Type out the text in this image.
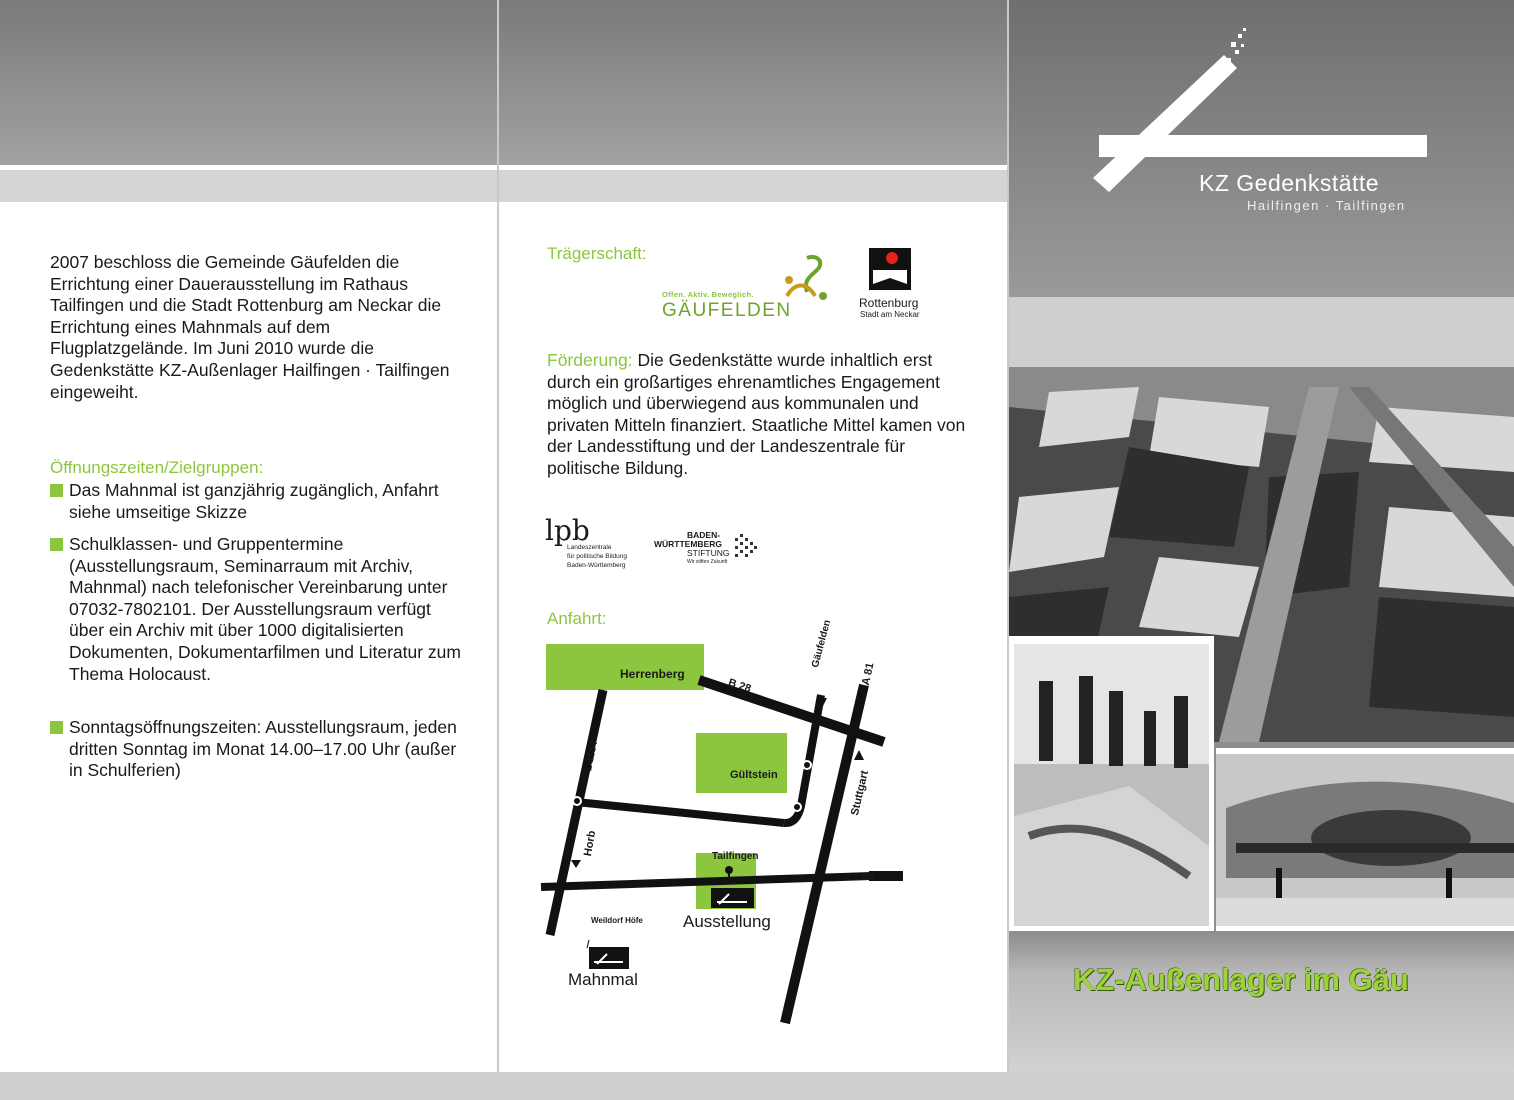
2007 beschloss die Gemeinde Gäufelden die Errichtung einer Dauerausstellung im Rathaus Tailfingen und die Stadt Rottenburg am Neckar die Errichtung eines Mahnmals auf dem Flugplatzgelände. Im Juni 2010 wurde die Gedenkstätte KZ-Außenlager Hailfingen · Tailfingen eingeweiht.
Öffnungszeiten/Zielgruppen:
Das Mahnmal ist ganzjährig zugänglich, Anfahrt siehe umseitige Skizze
Schulklassen- und Gruppentermine (Ausstellungsraum, Seminarraum mit Archiv, Mahnmal) nach telefonischer Vereinbarung unter 07032-7802101. Der Ausstellungsraum verfügt über ein Archiv mit über 1000 digitalisierten Dokumenten, Dokumentarfilmen und Literatur zum Thema Holocaust.
Sonntagsöffnungszeiten: Ausstellungsraum, jeden dritten Sonntag im Monat 14.00–17.00 Uhr (außer in Schulferien)
Trägerschaft:
Offen. Aktiv. Beweglich.
GÄUFELDEN	Rottenburg
Stadt am Neckar
Förderung: Die Gedenkstätte wurde inhaltlich erst durch ein großartiges ehrenamtliches Engagement möglich und überwiegend aus kommunalen und privaten Mitteln finanziert. Staatliche Mittel kamen von der Landesstiftung und der Landeszentrale für politische Bildung.
lpb
Landeszentrale
für politische Bildung
Baden-Württemberg
BADEN-
WÜRTTEMBERG
STIFTUNG
Wir stiften Zukunft
Anfahrt:
Herrenberg
B 28
Gäufelden
A 81
L 1184
Gültstein	Stuttgart
Horb	Tailfingen
L 1359
Weildorf Höfe Ausstellung
Mahnmal
KZ Gedenkstätte
Hailfingen · Tailfingen
KZ-Außenlager im Gäu
